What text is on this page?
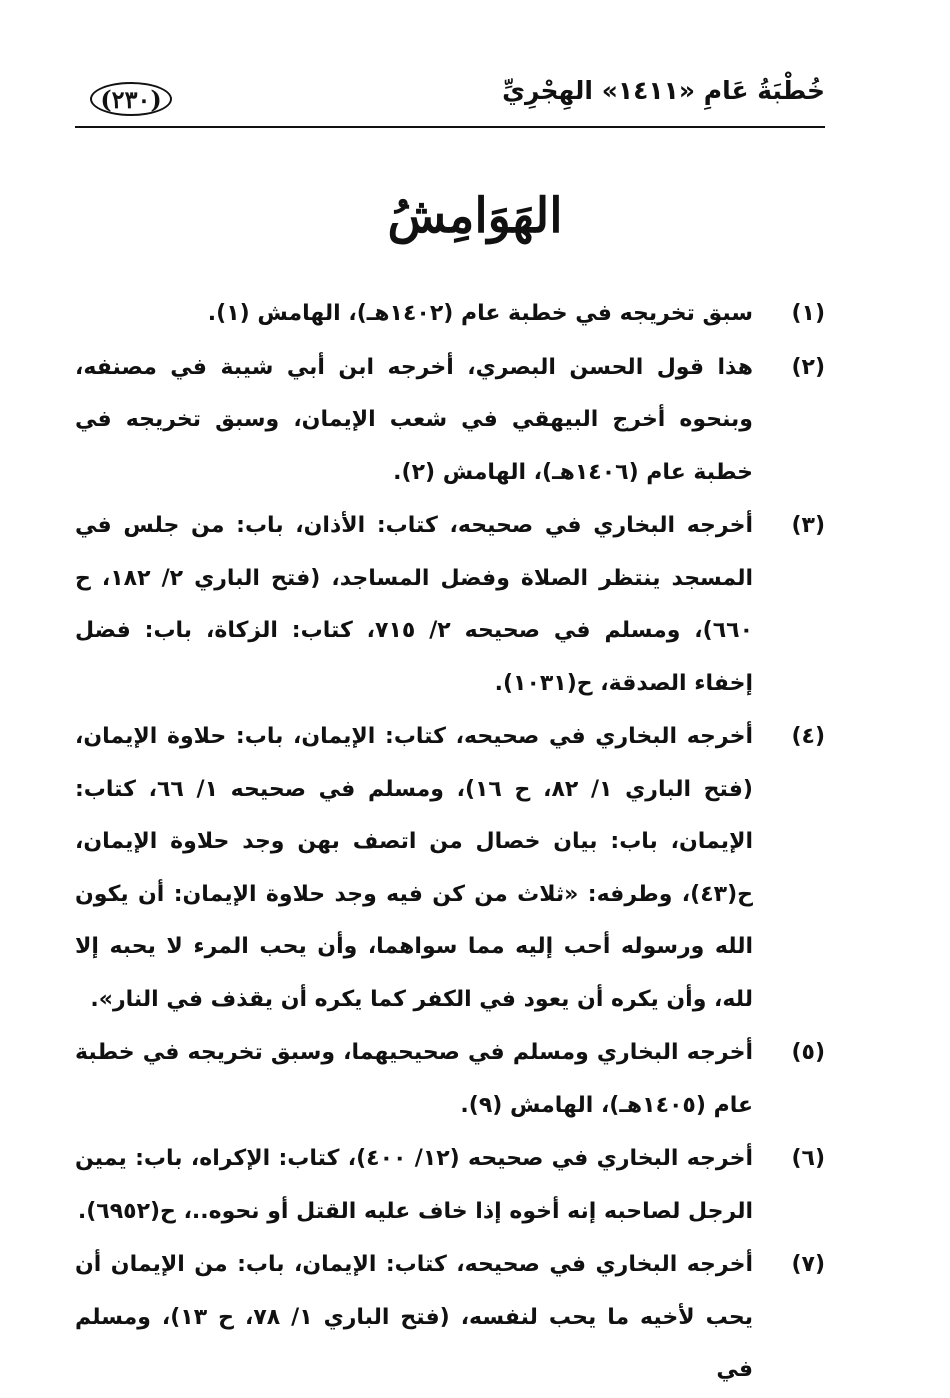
(٢٣٠)	خُطْبَةُ عَامِ «١٤١١» الهِجْرِيِّ
الهَوَامِشُ
(١)
سبق تخريجه في خطبة عام (١٤٠٢هـ)، الهامش (١).
(٢)
هذا قول الحسن البصري، أخرجه ابن أبي شيبة في مصنفه، وبنحوه أخرج البيهقي في شعب الإيمان، وسبق تخريجه في خطبة عام (١٤٠٦هـ)، الهامش (٢).
(٣)
أخرجه البخاري في صحيحه، كتاب: الأذان، باب: من جلس في المسجد ينتظر الصلاة وفضل المساجد، (فتح الباري ٢/ ١٨٢، ح ٦٦٠)، ومسلم في صحيحه ٢/ ٧١٥، كتاب: الزكاة، باب: فضل إخفاء الصدقة، ح(١٠٣١).
(٤)
أخرجه البخاري في صحيحه، كتاب: الإيمان، باب: حلاوة الإيمان، (فتح الباري ١/ ٨٢، ح ١٦)، ومسلم في صحيحه ١/ ٦٦، كتاب: الإيمان، باب: بيان خصال من اتصف بهن وجد حلاوة الإيمان، ح(٤٣)، وطرفه: «ثلاث من كن فيه وجد حلاوة الإيمان: أن يكون الله ورسوله أحب إليه مما سواهما، وأن يحب المرء لا يحبه إلا لله، وأن يكره أن يعود في الكفر كما يكره أن يقذف في النار».
(٥)
أخرجه البخاري ومسلم في صحيحيهما، وسبق تخريجه في خطبة عام (١٤٠٥هـ)، الهامش (٩).
(٦)
أخرجه البخاري في صحيحه (١٢/ ٤٠٠)، كتاب: الإكراه، باب: يمين الرجل لصاحبه إنه أخوه إذا خاف عليه القتل أو نحوه..، ح(٦٩٥٢).
(٧)
أخرجه البخاري في صحيحه، كتاب: الإيمان، باب: من الإيمان أن يحب لأخيه ما يحب لنفسه، (فتح الباري ١/ ٧٨، ح ١٣)، ومسلم في
